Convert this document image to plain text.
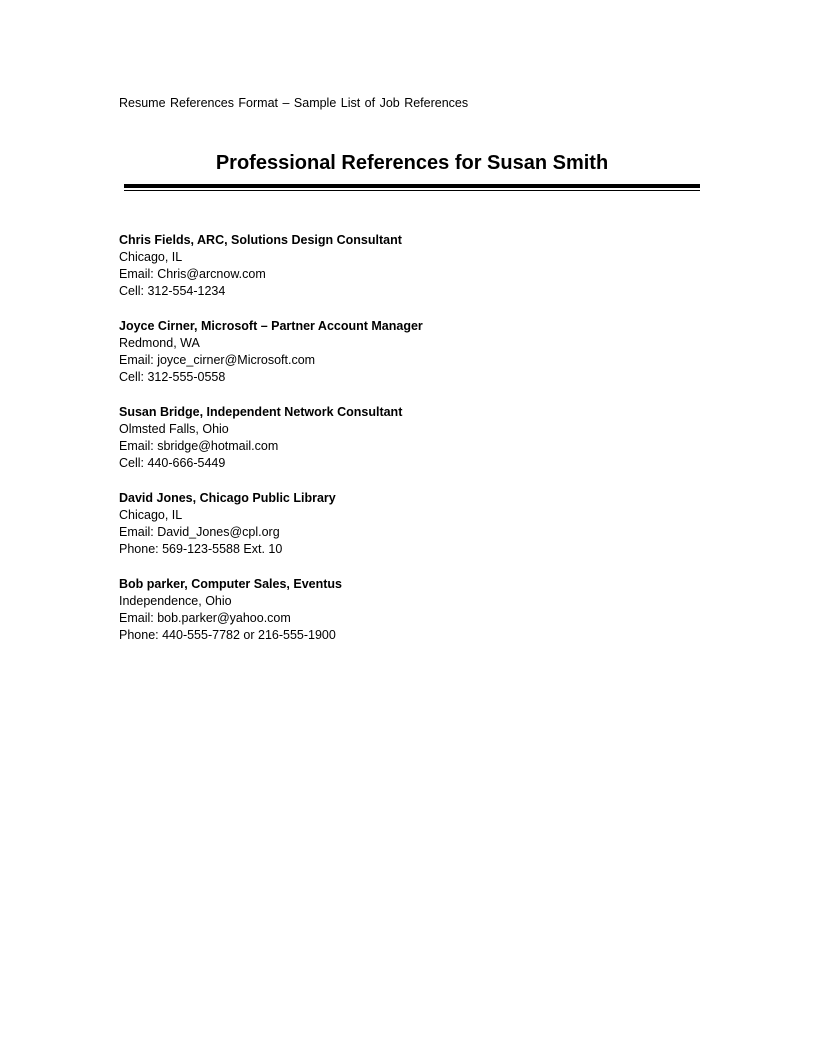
Resume References Format – Sample List of Job References
Professional References for Susan Smith
Chris Fields, ARC, Solutions Design Consultant
Chicago, IL
Email: Chris@arcnow.com
Cell: 312-554-1234
Joyce Cirner, Microsoft – Partner Account Manager
Redmond, WA
Email: joyce_cirner@Microsoft.com
Cell: 312-555-0558
Susan Bridge, Independent Network Consultant
Olmsted Falls, Ohio
Email: sbridge@hotmail.com
Cell: 440-666-5449
David Jones, Chicago Public Library
Chicago, IL
Email: David_Jones@cpl.org
Phone: 569-123-5588 Ext. 10
Bob parker, Computer Sales, Eventus
Independence, Ohio
Email: bob.parker@yahoo.com
Phone: 440-555-7782 or 216-555-1900
